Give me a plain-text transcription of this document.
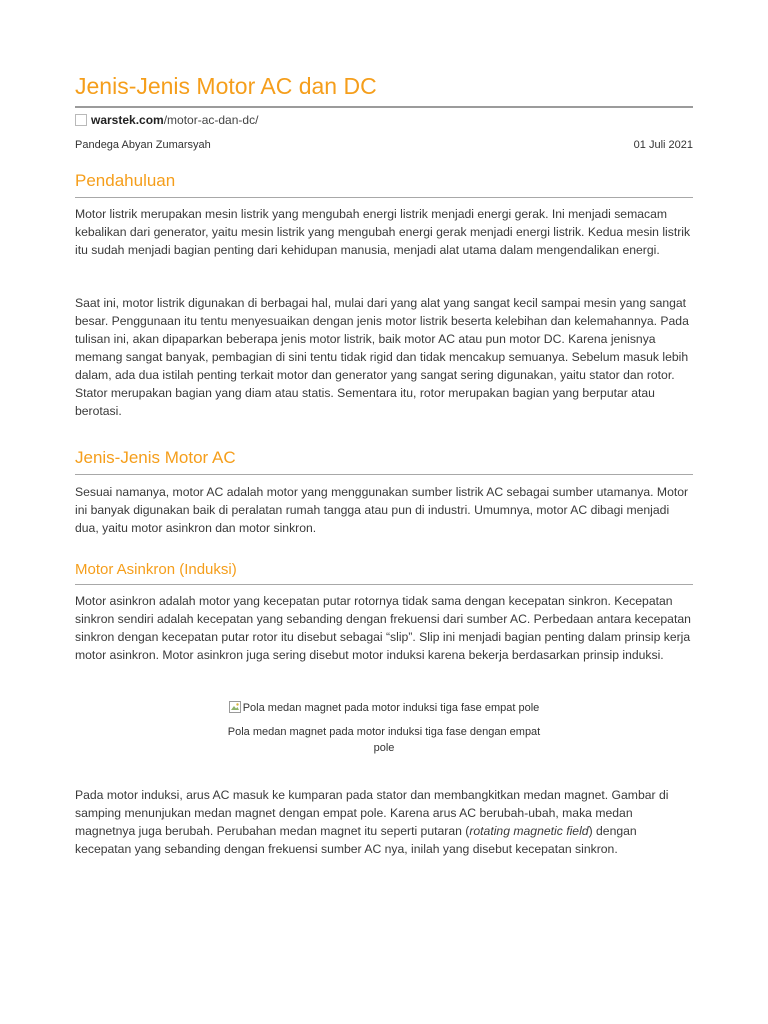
Jenis-Jenis Motor AC dan DC
warstek.com /motor-ac-dan-dc/
Pandega Abyan Zumarsyah	01 Juli 2021
Pendahuluan

Motor listrik merupakan mesin listrik yang mengubah energi listrik menjadi energi gerak. Ini menjadi semacam kebalikan dari generator, yaitu mesin listrik yang mengubah energi gerak menjadi energi listrik. Kedua mesin listrik itu sudah menjadi bagian penting dari kehidupan manusia, menjadi alat utama dalam mengendalikan energi.

Saat ini, motor listrik digunakan di berbagai hal, mulai dari yang alat yang sangat kecil sampai mesin yang sangat besar. Penggunaan itu tentu menyesuaikan dengan jenis motor listrik beserta kelebihan dan kelemahannya. Pada tulisan ini, akan dipaparkan beberapa jenis motor listrik, baik motor AC atau pun motor DC. Karena jenisnya memang sangat banyak, pembagian di sini tentu tidak rigid dan tidak mencakup semuanya. Sebelum masuk lebih dalam, ada dua istilah penting terkait motor dan generator yang sangat sering digunakan, yaitu stator dan rotor. Stator merupakan bagian yang diam atau statis. Sementara itu, rotor merupakan bagian yang berputar atau berotasi.

Jenis-Jenis Motor AC

Sesuai namanya, motor AC adalah motor yang menggunakan sumber listrik AC sebagai sumber utamanya. Motor ini banyak digunakan baik di peralatan rumah tangga atau pun di industri. Umumnya, motor AC dibagi menjadi dua, yaitu motor asinkron dan motor sinkron.

Motor Asinkron (Induksi)

Motor asinkron adalah motor yang kecepatan putar rotornya tidak sama dengan kecepatan sinkron. Kecepatan sinkron sendiri adalah kecepatan yang sebanding dengan frekuensi dari sumber AC. Perbedaan antara kecepatan sinkron dengan kecepatan putar rotor itu disebut sebagai “slip”. Slip ini menjadi bagian penting dalam prinsip kerja motor asinkron. Motor asinkron juga sering disebut motor induksi karena bekerja berdasarkan prinsip induksi.

Pola medan magnet pada motor induksi tiga fase empat pole
Pola medan magnet pada motor induksi tiga fase dengan empat pole

Pada motor induksi, arus AC masuk ke kumparan pada stator dan membangkitkan medan magnet. Gambar di samping menunjukan medan magnet dengan empat pole. Karena arus AC berubah-ubah, maka medan magnetnya juga berubah. Perubahan medan magnet itu seperti putaran (rotating magnetic field) dengan kecepatan yang sebanding dengan frekuensi sumber AC nya, inilah yang disebut kecepatan sinkron.
